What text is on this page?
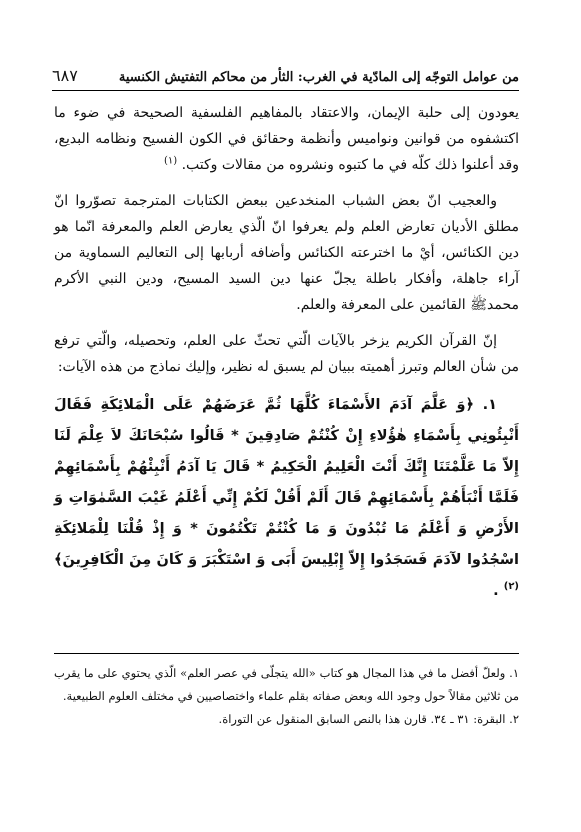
من عوامل التوجّه إلى المادّية في الغرب: الثأر من محاكم التفتيش الكنسية
٦٨٧

يعودون إلى حلبة الإيمان، والاعتقاد بالمفاهيم الفلسفية الصحيحة في ضوء ما اكتشفوه من قوانين ونواميس وأنظمة وحقائق في الكون الفسيح ونظامه البديع، وقد أعلنوا ذلك كلّه في ما كتبوه ونشروه من مقالات وكتب. $^{(١)}$

والعجيب انّ بعض الشباب المنخدعين ببعض الكتابات المترجمة تصوّروا انّ مطلق الأديان تعارض العلم ولم يعرفوا انّ الّذي يعارض العلم والمعرفة انّما هو دين الكنائس، أيْ ما اخترعته الكنائس وأضافه أربابها إلى التعاليم السماوية من آراء جاهلة، وأفكار باطلة يجلّ عنها دين السيد المسيح، ودين النبي الأكرم محمدﷺ القائمين على المعرفة والعلم.

إنّ القرآن الكريم يزخر بالآيات الّتي تحثّ على العلم، وتحصيله، والّتي ترفع من شأن العالم وتبرز أهميته ببيان لم يسبق له نظير، وإليك نماذج من هذه الآيات:

١. ﴿وَ عَلَّمَ آدَمَ الأَسْمَاءَ كُلَّهَا ثُمَّ عَرَضَهُمْ عَلَى الْمَلائِكَةِ فَقَالَ أَنْبِئُونِي بِأَسْمَاءِ هٰؤُلاءِ إِنْ كُنْتُمْ صَادِقِينَ * قَالُوا سُبْحَانَكَ لاَ عِلْمَ لَنَا إِلاّ مَا عَلَّمْتَنَا إِنَّكَ أَنْتَ الْعَلِيمُ الْحَكِيمُ * قَالَ يَا آدَمُ أَنْبِئْهُمْ بِأَسْمَائِهِمْ فَلَمَّا أَنْبَأَهُمْ بِأَسْمَائِهِمْ قَالَ أَلَمْ أَقُلْ لَكُمْ إِنِّي أَعْلَمُ غَيْبَ السَّمٰوَاتِ وَ الأَرْضِ وَ أَعْلَمُ مَا تُبْدُونَ وَ مَا كُنْتُمْ تَكْتُمُونَ * وَ إِذْ قُلْنَا لِلْمَلائِكَةِ اسْجُدُوا لآدَمَ فَسَجَدُوا إِلاّ إِبْلِيسَ أَبَى وَ اسْتَكْبَرَ وَ كَانَ مِنَ الْكَافِرِينَ﴾ $^{(٢)}$ .

١. ولعلّ أفضل ما في هذا المجال هو كتاب «الله يتجلّى في عصر العلم» الّذي يحتوي على ما يقرب من ثلاثين مقالاً حول وجود الله وبعض صفاته بقلم علماء واختصاصيين في مختلف العلوم الطبيعية.

٢. البقرة: ٣١ ـ ٣٤. قارن هذا بالنص السابق المنقول عن التوراة.
